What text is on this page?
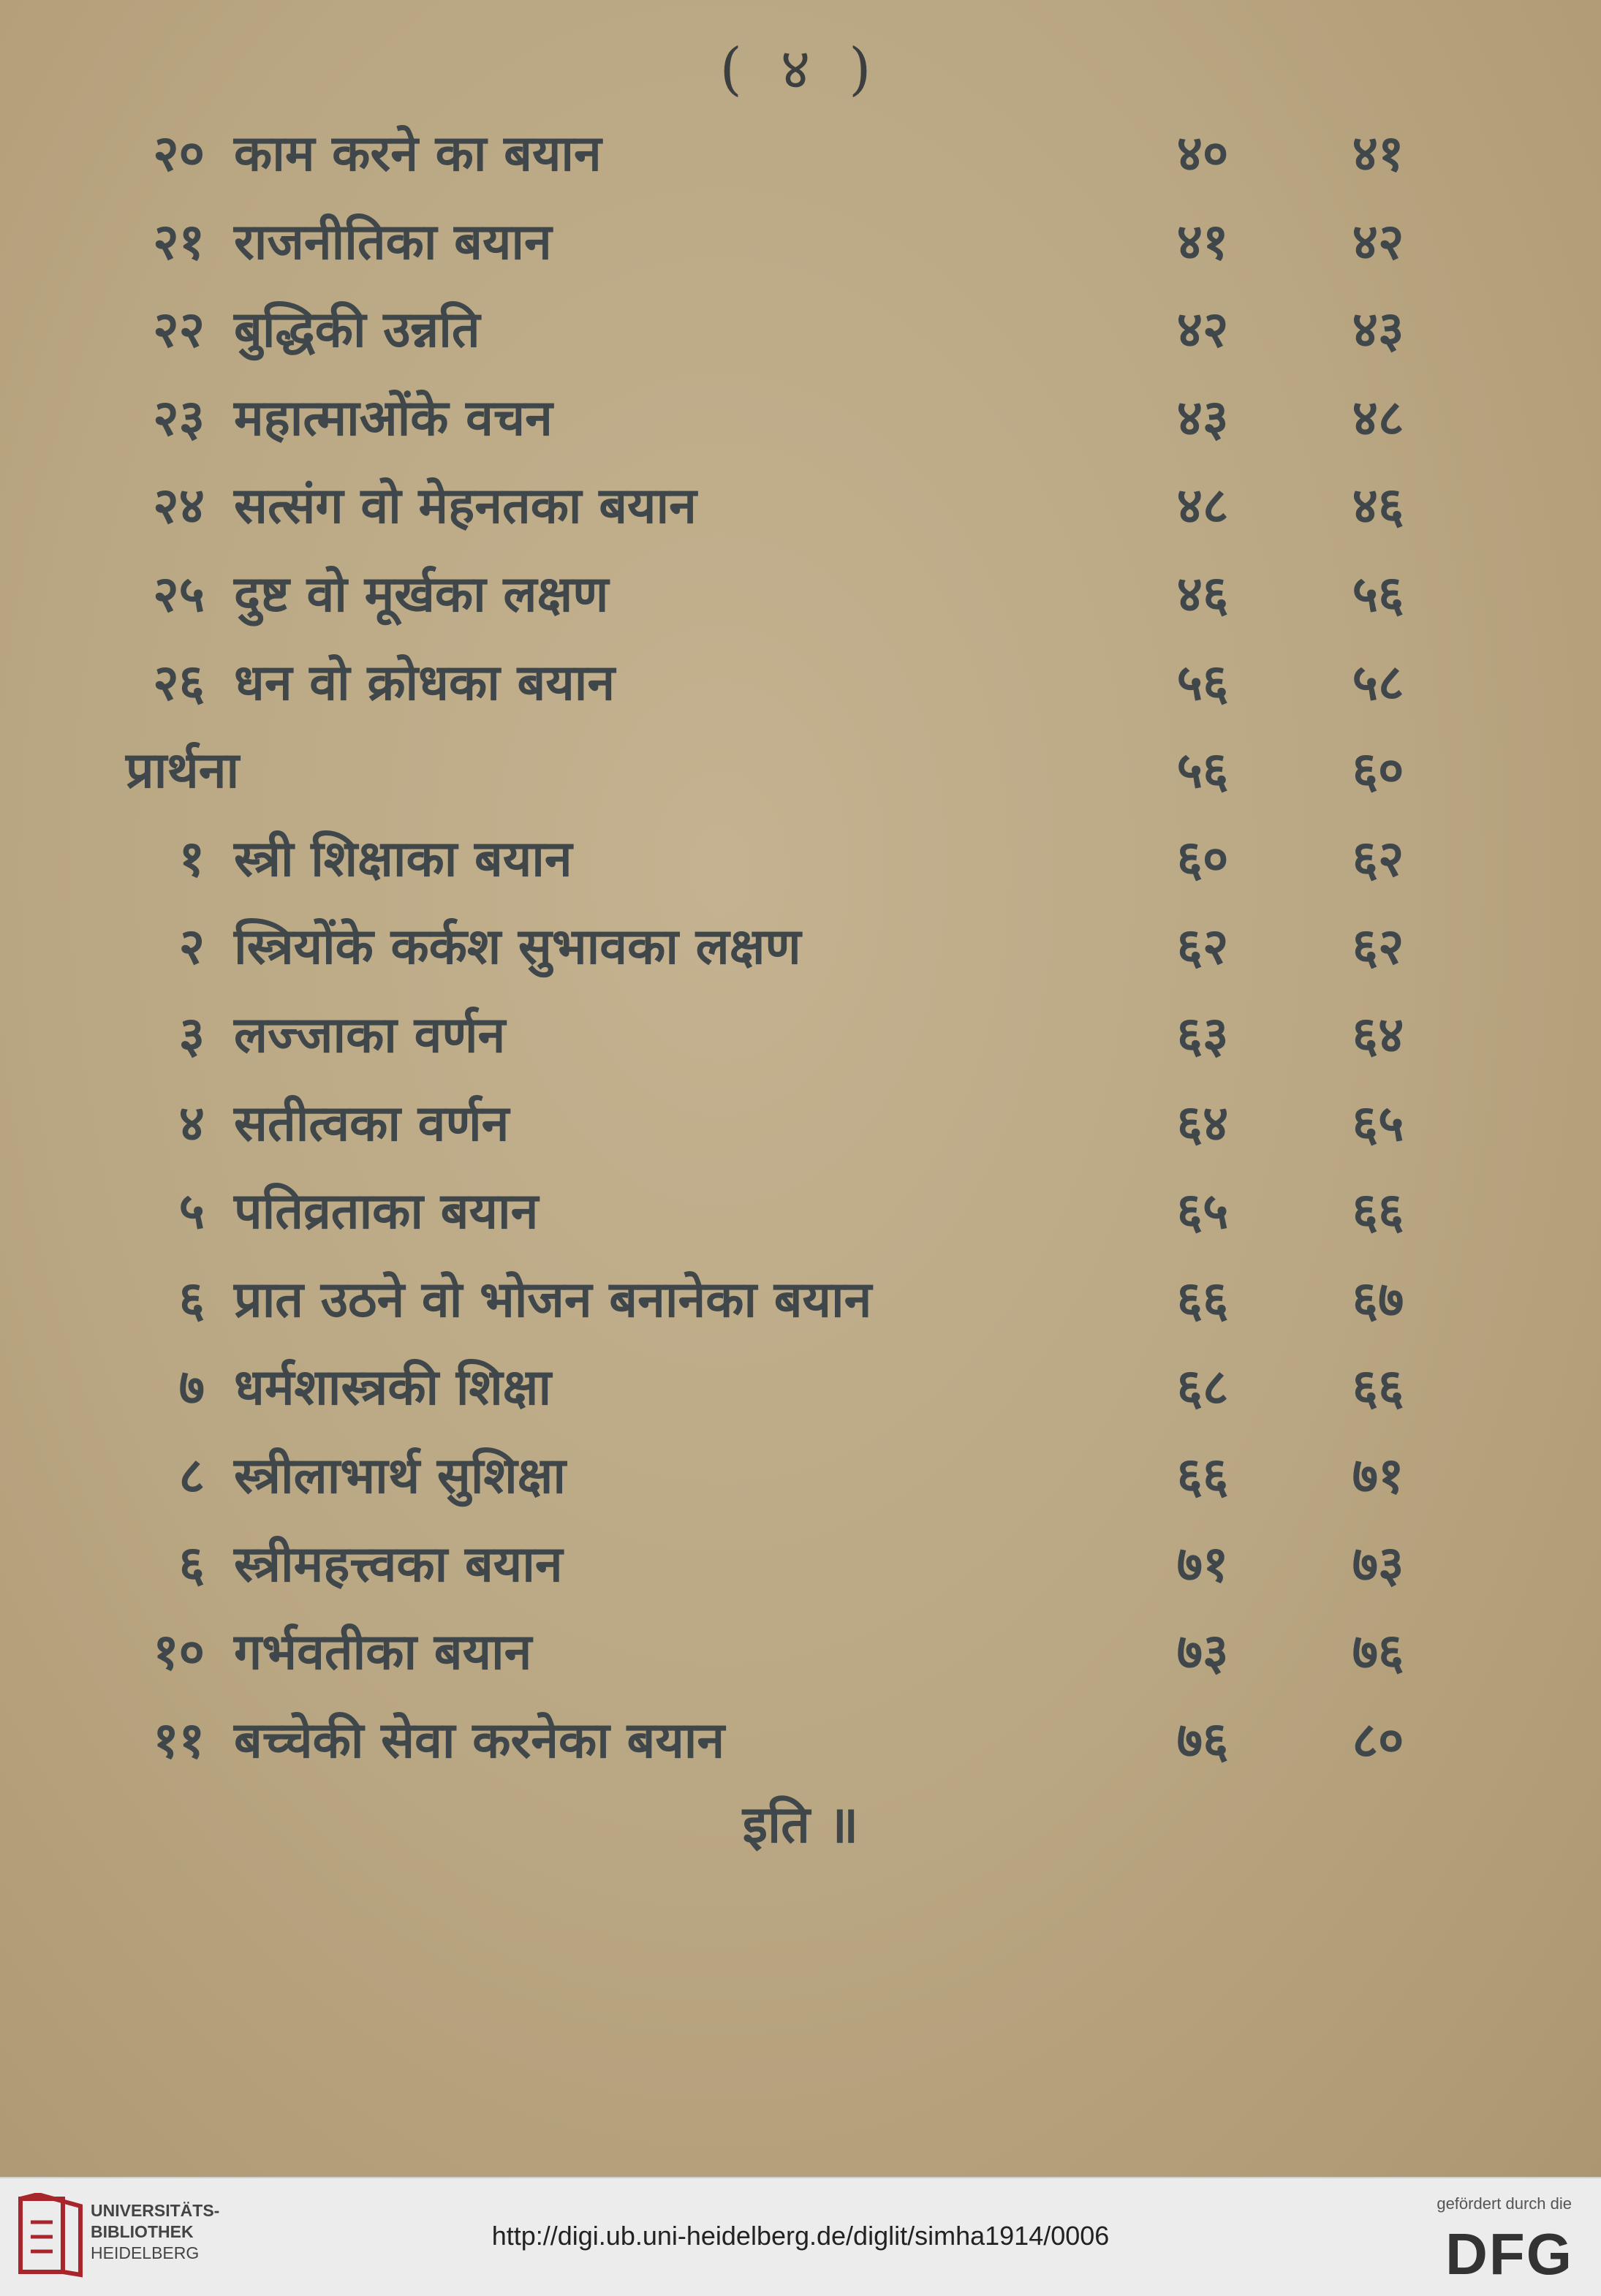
( ४ )
२० काम करने का बयान	४०	४१
२१ राजनीतिका बयान	४१	४२
२२ बुद्धिकी उन्नति	४२	४३
२३ महात्माओंके वचन	४३	४८
२४ सत्संग वो मेहनतका बयान	४८	४६
२५ दुष्ट वो मूर्खका लक्षण	४६	५६
२६ धन वो क्रोधका बयान	५६	५८
प्रार्थना	५६	६०
१ स्त्री शिक्षाका बयान	६०	६२
२ स्त्रियोंके कर्कश सुभावका लक्षण	६२	६२
३ लज्जाका वर्णन	६३	६४
४ सतीत्वका वर्णन	६४	६५
५ पतिव्रताका बयान	६५	६६
६ प्रात उठने वो भोजन बनानेका बयान	६६	६७
७ धर्मशास्त्रकी शिक्षा	६८	६६
८ स्त्रीलाभार्थ सुशिक्षा	६६	७१
६ स्त्रीमहत्त्वका बयान	७१	७३
१० गर्भवतीका बयान	७३	७६
११ बच्चेकी सेवा करनेका बयान	७६	८०
इति ॥
UNIVERSITÄTS-
BIBLIOTHEK
HEIDELBERG
http://digi.ub.uni-heidelberg.de/diglit/simha1914/0006
gefördert durch die
DFG
